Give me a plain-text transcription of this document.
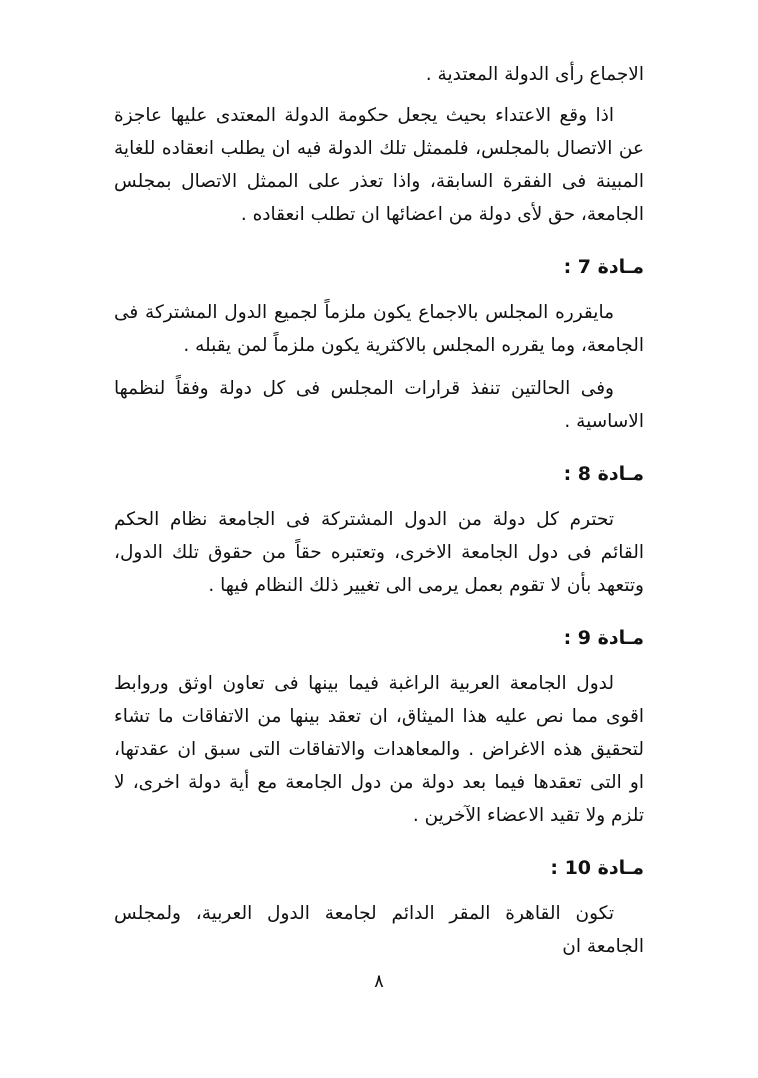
الاجماع رأى الدولة المعتدية .

اذا وقع الاعتداء بحيث يجعل حكومة الدولة المعتدى عليها عاجزة عن الاتصال بالمجلس، فلممثل تلك الدولة فيه ان يطلب انعقاده للغاية المبينة فى الفقرة السابقة، واذا تعذر على الممثل الاتصال بمجلس الجامعة، حق لأى دولة من اعضائها ان تطلب انعقاده .

مـادة 7 :

مايقرره المجلس بالاجماع يكون ملزماً لجميع الدول المشتركة فى الجامعة، وما يقرره المجلس بالاكثرية يكون ملزماً لمن يقبله .

وفى الحالتين تنفذ قرارات المجلس فى كل دولة وفقاً لنظمها الاساسية .

مـادة 8 :

تحترم كل دولة من الدول المشتركة فى الجامعة نظام الحكم القائم فى دول الجامعة الاخرى، وتعتبره حقاً من حقوق تلك الدول، وتتعهد بأن لا تقوم بعمل يرمى الى تغيير ذلك النظام فيها .

مـادة 9 :

لدول الجامعة العربية الراغبة فيما بينها فى تعاون اوثق وروابط اقوى مما نص عليه هذا الميثاق، ان تعقد بينها من الاتفاقات ما تشاء لتحقيق هذه الاغراض . والمعاهدات والاتفاقات التى سبق ان عقدتها، او التى تعقدها فيما بعد دولة من دول الجامعة مع أية دولة اخرى، لا تلزم ولا تقيد الاعضاء الآخرين .

مـادة 10 :

تكون القاهرة المقر الدائم لجامعة الدول العربية، ولمجلس الجامعة ان

٨
